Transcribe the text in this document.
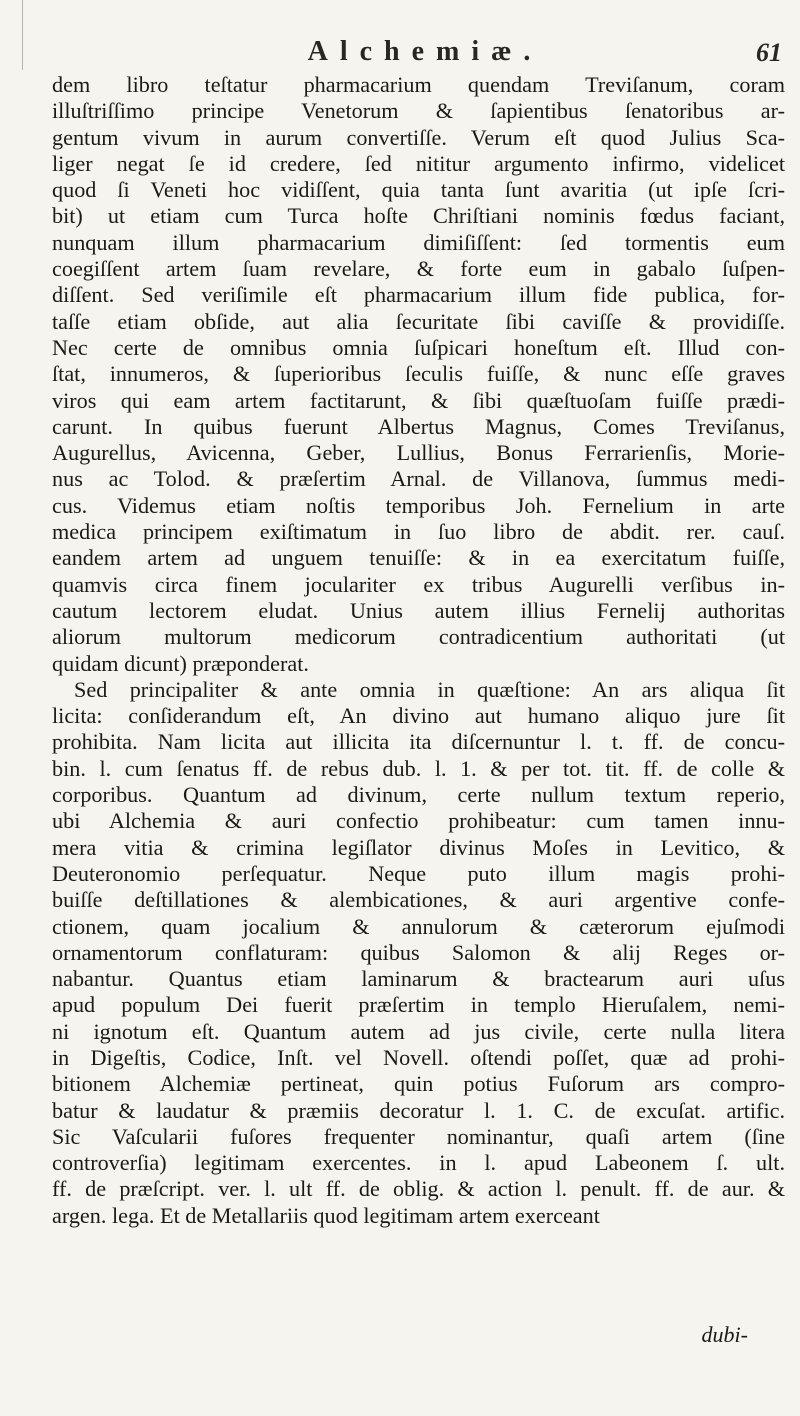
Alchemiæ.	61
dem libro teſtatur pharmacarium quendam Treviſanum, coram
illuſtriſſimo principe Venetorum & ſapientibus ſenatoribus ar-
gentum vivum in aurum convertiſſe. Verum eſt quod Julius Sca-
liger negat ſe id credere, ſed nititur argumento infirmo, videlicet
quod ſi Veneti hoc vidiſſent, quia tanta ſunt avaritia (ut ipſe ſcri-
bit) ut etiam cum Turca hoſte Chriſtiani nominis fœdus faciant,
nunquam illum pharmacarium dimiſiſſent: ſed tormentis eum
coegiſſent artem ſuam revelare, & forte eum in gabalo ſuſpen-
diſſent. Sed veriſimile eſt pharmacarium illum fide publica, for-
taſſe etiam obſide, aut alia ſecuritate ſibi caviſſe & providiſſe.
Nec certe de omnibus omnia ſuſpicari honeſtum eſt. Illud con-
ſtat, innumeros, & ſuperioribus ſeculis fuiſſe, & nunc eſſe graves
viros qui eam artem factitarunt, & ſibi quæſtuoſam fuiſſe prædi-
carunt. In quibus fuerunt Albertus Magnus, Comes Treviſanus,
Augurellus, Avicenna, Geber, Lullius, Bonus Ferrarienſis, Morie-
nus ac Tolod. & præſertim Arnal. de Villanova, ſummus medi-
cus. Videmus etiam noſtis temporibus Joh. Fernelium in arte
medica principem exiſtimatum in ſuo libro de abdit. rer. cauſ.
eandem artem ad unguem tenuiſſe: & in ea exercitatum fuiſſe,
quamvis circa finem joculariter ex tribus Augurelli verſibus in-
cautum lectorem eludat. Unius autem illius Fernelij authoritas
aliorum multorum medicorum contradicentium authoritati (ut
quidam dicunt) præponderat.
Sed principaliter & ante omnia in quæſtione: An ars aliqua ſit
licita: conſiderandum eſt, An divino aut humano aliquo jure ſit
prohibita. Nam licita aut illicita ita diſcernuntur l. t. ff. de concu-
bin. l. cum ſenatus ff. de rebus dub. l. 1. & per tot. tit. ff. de colle &
corporibus. Quantum ad divinum, certe nullum textum reperio,
ubi Alchemia & auri confectio prohibeatur: cum tamen innu-
mera vitia & crimina legiſlator divinus Moſes in Levitico, &
Deuteronomio perſequatur. Neque puto illum magis prohi-
buiſſe deſtillationes & alembicationes, & auri argentive confe-
ctionem, quam jocalium & annulorum & cæterorum ejuſmodi
ornamentorum conflaturam: quibus Salomon & alij Reges or-
nabantur. Quantus etiam laminarum & bractearum auri uſus
apud populum Dei fuerit præſertim in templo Hieruſalem, nemi-
ni ignotum eſt. Quantum autem ad jus civile, certe nulla litera
in Digeſtis, Codice, Inſt. vel Novell. oſtendi poſſet, quæ ad prohi-
bitionem Alchemiæ pertineat, quin potius Fuſorum ars compro-
batur & laudatur & præmiis decoratur l. 1. C. de excuſat. artific.
Sic Vaſcularii fuſores frequenter nominantur, quaſi artem (ſine
controverſia) legitimam exercentes. in l. apud Labeonem ſ. ult.
ff. de præſcript. ver. l. ult ff. de oblig. & action l. penult. ff. de aur. &
argen. lega. Et de Metallariis quod legitimam artem exerceant
dubi-
